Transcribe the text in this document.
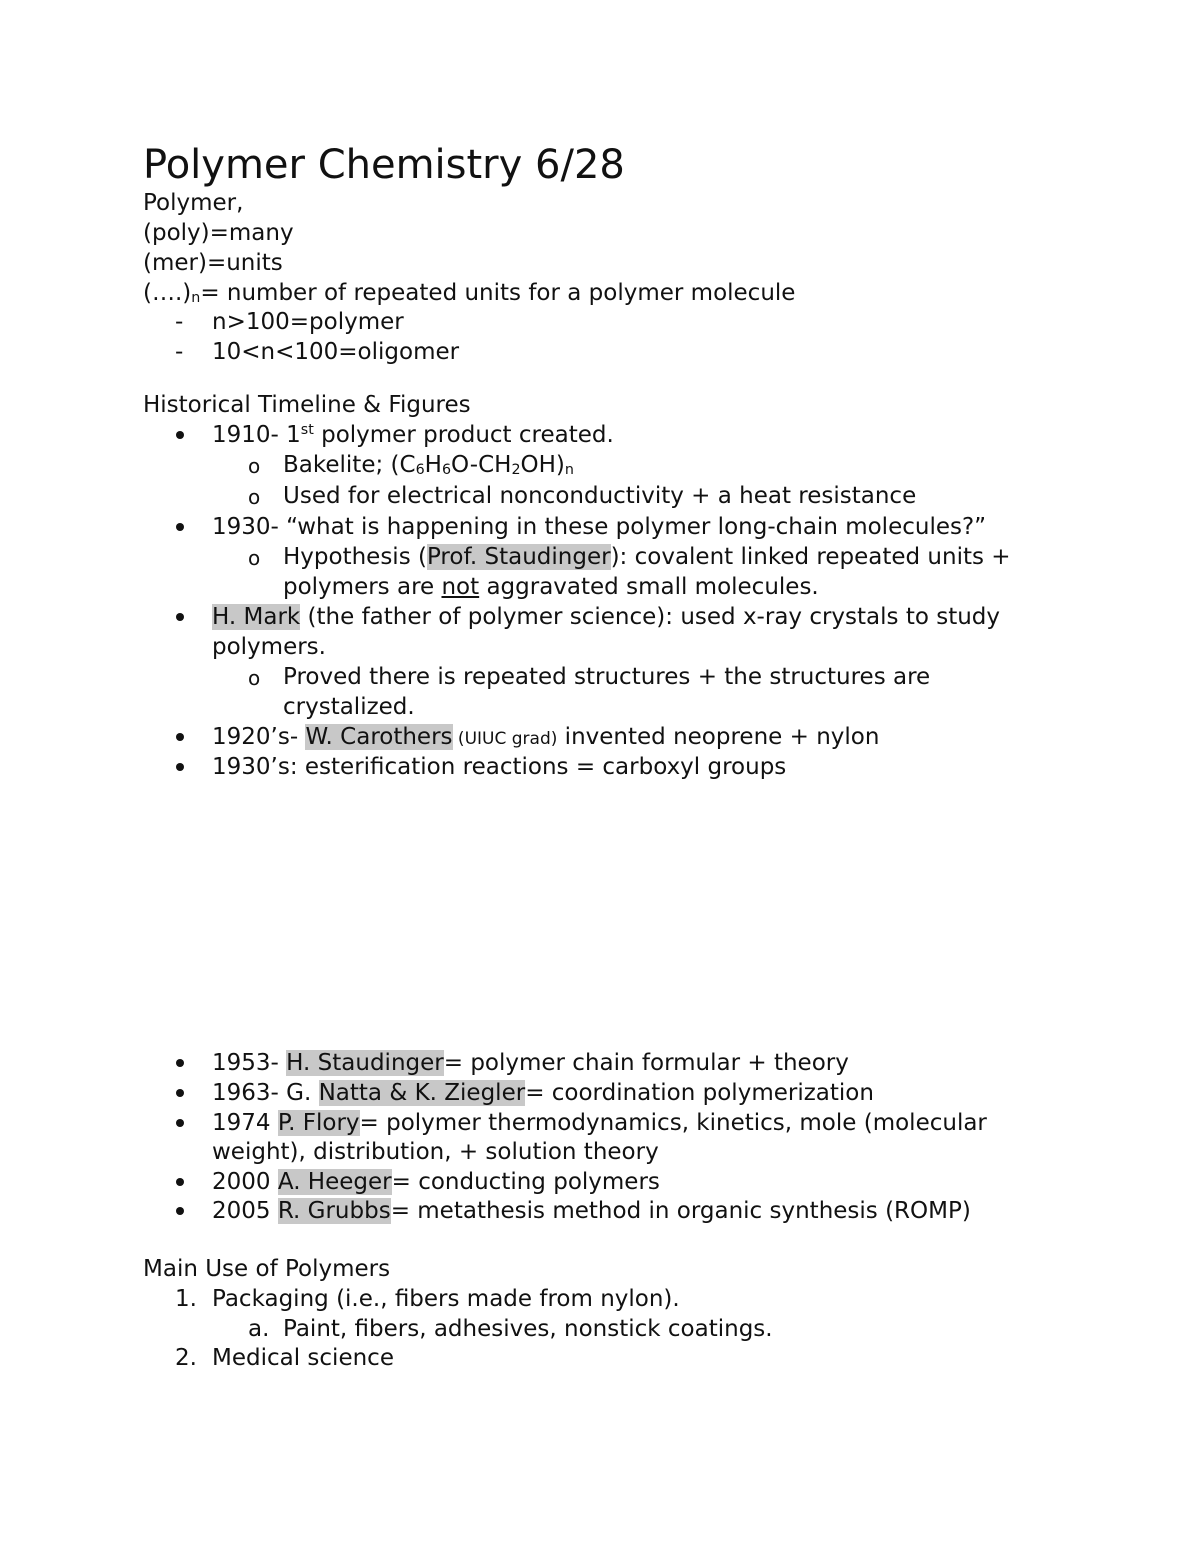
Polymer Chemistry 6/28
Polymer,
(poly)=many
(mer)=units
$(\dots.)_n=$ number of repeated units for a polymer molecule
- n>100=polymer
- 10<n<100=oligomer
Historical Timeline & Figures
1910- 1st polymer product created.
o Bakelite; $(C_6H_6O-CH_2OH)_n$
o Used for electrical nonconductivity + a heat resistance
1930- “what is happening in these polymer long-chain molecules?”
o Hypothesis (Prof. Staudinger): covalent linked repeated units +
polymers are not aggravated small molecules.
H. Mark (the father of polymer science): used x-ray crystals to study
polymers.
o Proved there is repeated structures + the structures are
crystalized.
1920’s- W. Carothers (UIUC grad) invented neoprene + nylon
1930’s: esterification reactions = carboxyl groups
1953- H. Staudinger= polymer chain formular + theory
1963- G. Natta & K. Ziegler= coordination polymerization
1974 P. Flory= polymer thermodynamics, kinetics, mole (molecular
weight), distribution, + solution theory
2000 A. Heeger= conducting polymers
2005 R. Grubbs= metathesis method in organic synthesis (ROMP)
Main Use of Polymers
1. Packaging (i.e., fibers made from nylon).
a. Paint, fibers, adhesives, nonstick coatings.
2. Medical science
